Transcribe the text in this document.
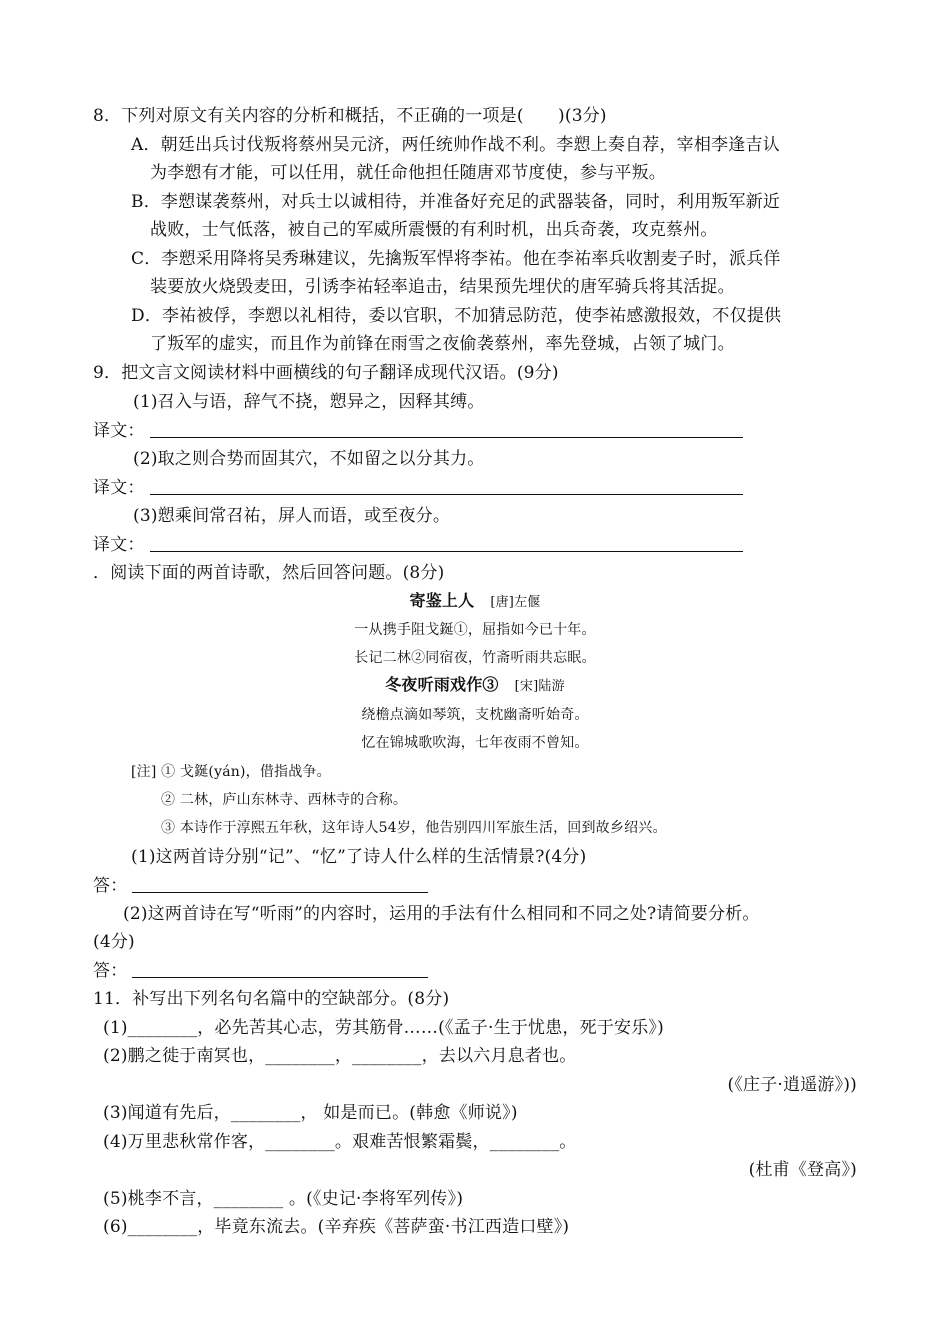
8．下列对原文有关内容的分析和概括，不正确的一项是(　　)(3分)
A．朝廷出兵讨伐叛将蔡州吴元济，两任统帅作战不利。李愬上奏自荐，宰相李逢吉认
为李愬有才能，可以任用，就任命他担任随唐邓节度使，参与平叛。
B．李愬谋袭蔡州，对兵士以诚相待，并准备好充足的武器装备，同时，利用叛军新近
战败，士气低落，被自己的军威所震慑的有利时机，出兵奇袭，攻克蔡州。
C．李愬采用降将吴秀琳建议，先擒叛军悍将李祐。他在李祐率兵收割麦子时，派兵佯
装要放火烧毁麦田，引诱李祐轻率追击，结果预先埋伏的唐军骑兵将其活捉。
D．李祐被俘，李愬以礼相待，委以官职，不加猜忌防范，使李祐感激报效，不仅提供
了叛军的虚实，而且作为前锋在雨雪之夜偷袭蔡州，率先登城，占领了城门。
9．把文言文阅读材料中画横线的句子翻译成现代汉语。(9分)
(1)召入与语，辞气不挠，愬异之，因释其缚。
译文：
(2)取之则合势而固其穴，不如留之以分其力。
译文：
(3)愬乘间常召祐，屏人而语，或至夜分。
译文：
．阅读下面的两首诗歌，然后回答问题。(8分)
寄鉴上人 [唐]左偃
一从携手阻戈鋋①，屈指如今已十年。
长记二林②同宿夜，竹斋听雨共忘眠。
冬夜听雨戏作③ [宋]陆游
绕檐点滴如琴筑，支枕幽斋听始奇。
忆在锦城歌吹海，七年夜雨不曾知。
[注] ① 戈鋋(yán)，借指战争。
② 二林，庐山东林寺、西林寺的合称。
③ 本诗作于淳熙五年秋，这年诗人54岁，他告别四川军旅生活，回到故乡绍兴。
(1)这两首诗分别“记”、“忆”了诗人什么样的生活情景?(4分)
答：
(2)这两首诗在写“听雨”的内容时，运用的手法有什么相同和不同之处?请简要分析。
(4分)
答：
11．补写出下列名句名篇中的空缺部分。(8分)
(1)________，必先苦其心志，劳其筋骨……(《孟子·生于忧患，死于安乐》)
(2)鹏之徙于南冥也，________，________，去以六月息者也。
(《庄子·逍遥游》))
(3)闻道有先后，________， 如是而已。(韩愈《师说》)
(4)万里悲秋常作客，________。艰难苦恨繁霜鬓，________。
(杜甫《登高》)
(5)桃李不言，________ 。(《史记·李将军列传》)
(6)________，毕竟东流去。(辛弃疾《菩萨蛮·书江西造口壁》)
